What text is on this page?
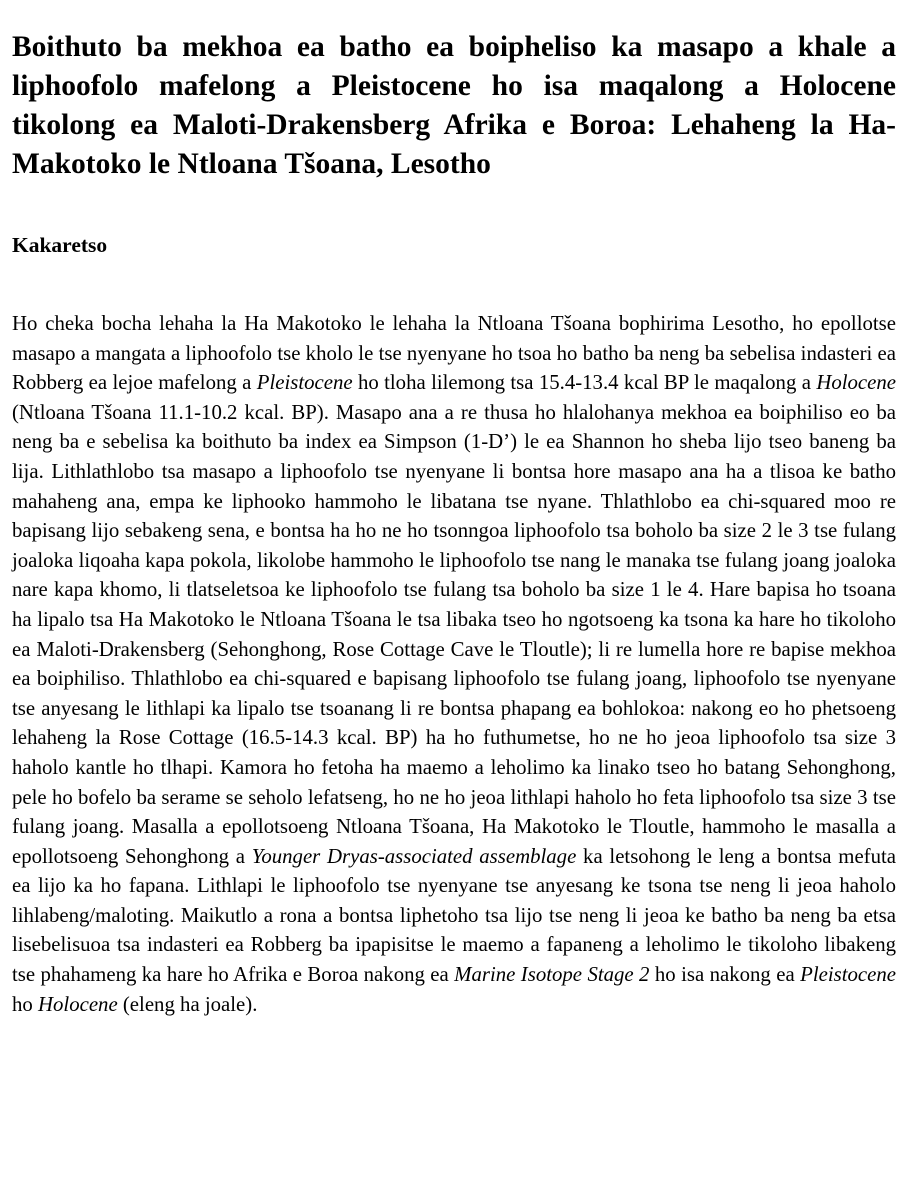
Boithuto ba mekhoa ea batho ea boipheliso ka masapo a khale a liphoofolo mafelong a Pleistocene ho isa maqalong a Holocene tikolong ea Maloti-Drakensberg Afrika e Boroa: Lehaheng la Ha-Makotoko le Ntloana Tšoana, Lesotho
Kakaretso

Ho cheka bocha lehaha la Ha Makotoko le lehaha la Ntloana Tšoana bophirima Lesotho, ho epollotse masapo a mangata a liphoofolo tse kholo le tse nyenyane ho tsoa ho batho ba neng ba sebelisa indasteri ea Robberg ea lejoe mafelong a Pleistocene ho tloha lilemong tsa 15.4-13.4 kcal BP le maqalong a Holocene (Ntloana Tšoana 11.1-10.2 kcal. BP). Masapo ana a re thusa ho hlalohanya mekhoa ea boiphiliso eo ba neng ba e sebelisa ka boithuto ba index ea Simpson (1-D’) le ea Shannon ho sheba lijo tseo baneng ba lija. Lithlathlobo tsa masapo a liphoofolo tse nyenyane li bontsa hore masapo ana ha a tlisoa ke batho mahaheng ana, empa ke liphooko hammoho le libatana tse nyane. Thlathlobo ea chi-squared moo re bapisang lijo sebakeng sena, e bontsa ha ho ne ho tsonngoa liphoofolo tsa boholo ba size 2 le 3 tse fulang joaloka liqoaha kapa pokola, likolobe hammoho le liphoofolo tse nang le manaka tse fulang joang joaloka nare kapa khomo, li tlatseletsoa ke liphoofolo tse fulang tsa boholo ba size 1 le 4. Hare bapisa ho tsoana ha lipalo tsa Ha Makotoko le Ntloana Tšoana le tsa libaka tseo ho ngotsoeng ka tsona ka hare ho tikoloho ea Maloti-Drakensberg (Sehonghong, Rose Cottage Cave le Tloutle); li re lumella hore re bapise mekhoa ea boiphiliso. Thlathlobo ea chi-squared e bapisang liphoofolo tse fulang joang, liphoofolo tse nyenyane tse anyesang le lithlapi ka lipalo tse tsoanang li re bontsa phapang ea bohlokoa: nakong eo ho phetsoeng lehaheng la Rose Cottage (16.5-14.3 kcal. BP) ha ho futhumetse, ho ne ho jeoa liphoofolo tsa size 3 haholo kantle ho tlhapi. Kamora ho fetoha ha maemo a leholimo ka linako tseo ho batang Sehonghong, pele ho bofelo ba serame se seholo lefatseng, ho ne ho jeoa lithlapi haholo ho feta liphoofolo tsa size 3 tse fulang joang. Masalla a epollotsoeng Ntloana Tšoana, Ha Makotoko le Tloutle, hammoho le masalla a epollotsoeng Sehonghong a Younger Dryas-associated assemblage ka letsohong le leng a bontsa mefuta ea lijo ka ho fapana. Lithlapi le liphoofolo tse nyenyane tse anyesang ke tsona tse neng li jeoa haholo lihlabeng/maloting. Maikutlo a rona a bontsa liphetoho tsa lijo tse neng li jeoa ke batho ba neng ba etsa lisebelisuoa tsa indasteri ea Robberg ba ipapisitse le maemo a fapaneng a leholimo le tikoloho libakeng tse phahameng ka hare ho Afrika e Boroa nakong ea Marine Isotope Stage 2 ho isa nakong ea Pleistocene ho Holocene (eleng ha joale).
